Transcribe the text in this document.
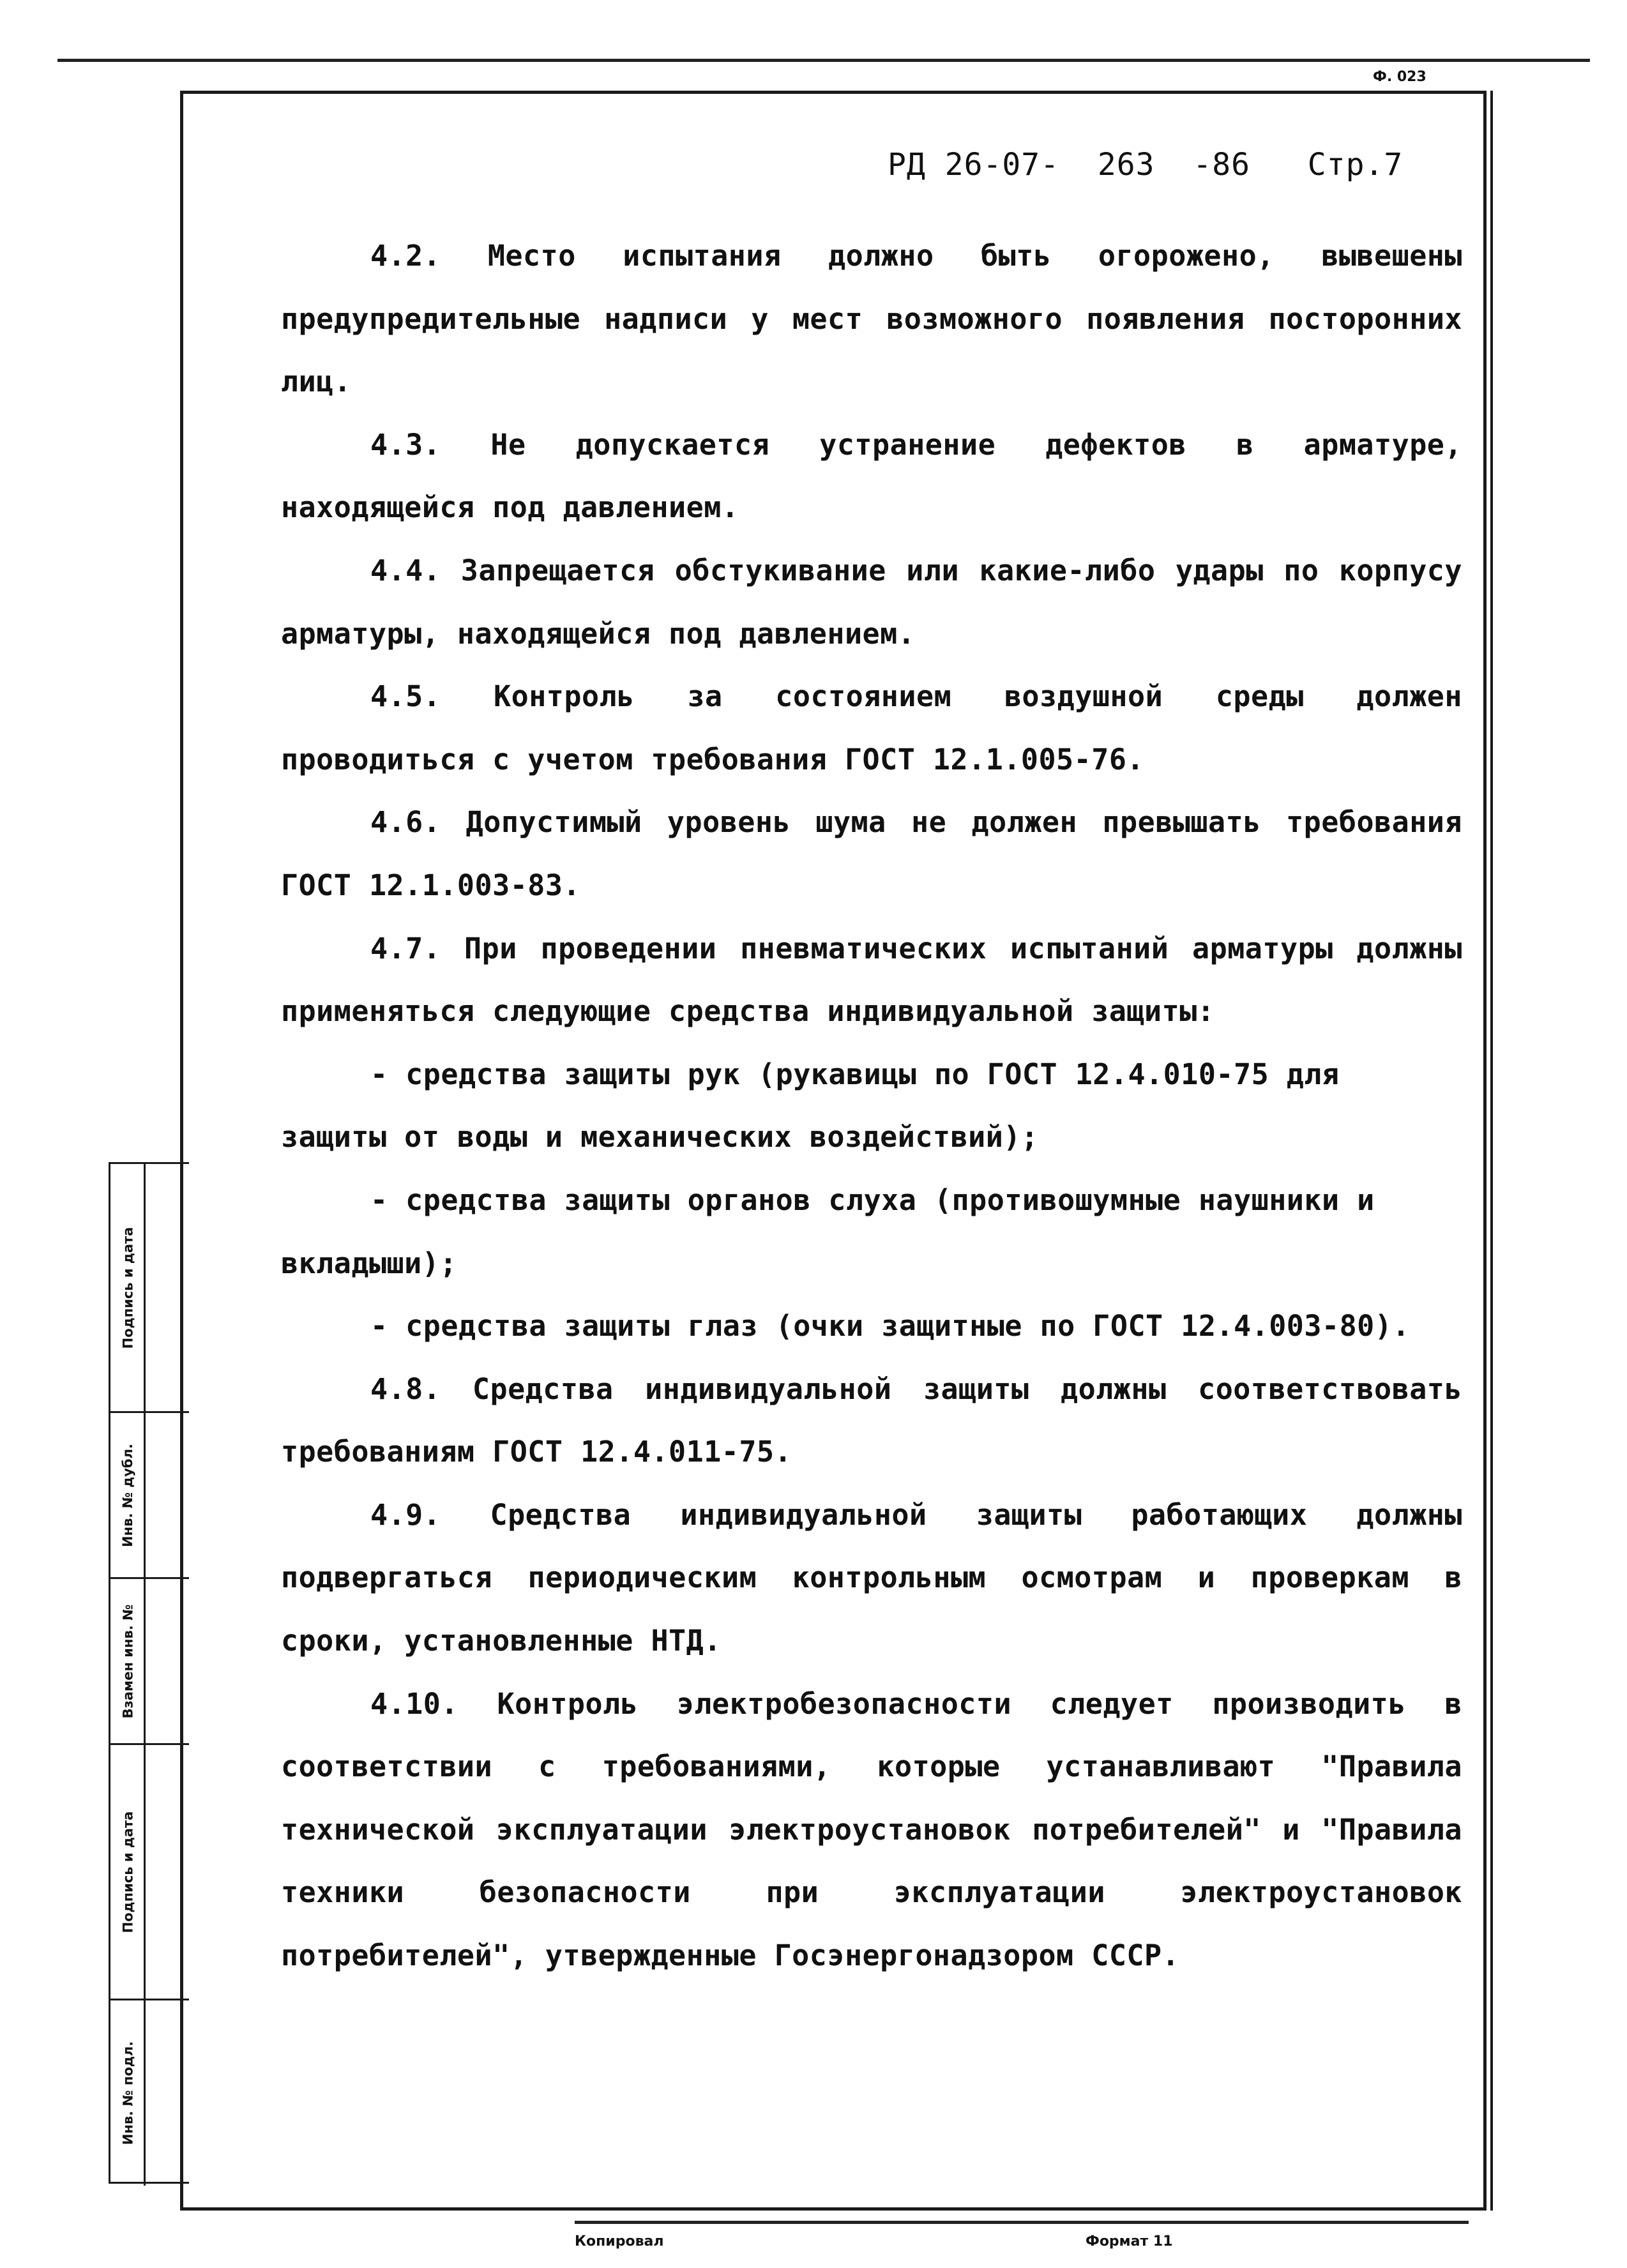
Ф. 023
РД 26-07-  263  -86   Стр.7

4.2. Место испытания должно быть огорожено, вывешены предупредительные надписи у мест возможного появления посторонних лиц.

4.3. Не допускается устранение дефектов в арматуре, находящейся под давлением.

4.4. Запрещается обстукивание или какие-либо удары по корпусу арматуры, находящейся под давлением.

4.5. Контроль за состоянием воздушной среды должен проводиться с учетом требования ГОСТ 12.1.005-76.

4.6. Допустимый уровень шума не должен превышать требования ГОСТ 12.1.003-83.

4.7. При проведении пневматических испытаний арматуры должны применяться следующие средства индивидуальной защиты:

- средства защиты рук (рукавицы по ГОСТ 12.4.010-75 для защиты от воды и механических воздействий);

- средства защиты органов слуха (противошумные наушники и вкладыши);

- средства защиты глаз (очки защитные по ГОСТ 12.4.003-80).

4.8. Средства индивидуальной защиты должны соответствовать требованиям ГОСТ 12.4.011-75.

4.9. Средства индивидуальной защиты работающих должны подвергаться периодическим контрольным осмотрам и проверкам в сроки, установленные НТД.

4.10. Контроль электробезопасности следует производить в соответствии с требованиями, которые устанавливают "Правила технической эксплуатации электроустановок потребителей" и "Правила техники безопасности при эксплуатации электроустановок потребителей", утвержденные Госэнергонадзором СССР.

Подпись и дата
Инв. № дубл.
Взамен инв. №
Подпись и дата
Инв. № подл.
Копировал	Формат 11
